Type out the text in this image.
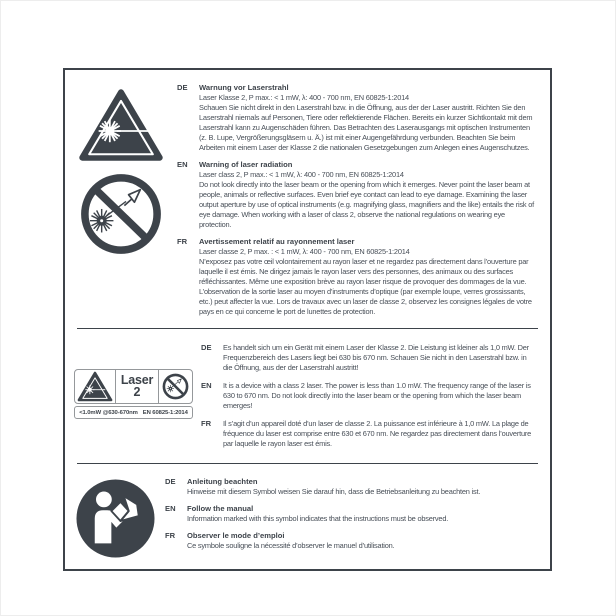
DE	Warnung vor Laserstrahl
Laser Klasse 2, P max.: < 1 mW, λ: 400 - 700 nm, EN 60825-1:2014
Schauen Sie nicht direkt in den Laserstrahl bzw. in die Öffnung, aus der der Laser austritt. Richten Sie den Laserstrahl niemals auf Personen, Tiere oder reflektierende Flächen. Bereits ein kurzer Sichtkontakt mit dem Laserstrahl kann zu Augenschäden führen. Das Betrachten des Laserausgangs mit optischen Instrumenten (z. B. Lupe, Vergrößerungsgläsern u. Ä.) ist mit einer Augengefährdung verbunden. Beachten Sie beim Arbeiten mit einem Laser der Klasse 2 die nationalen Gesetzgebungen zum Anlegen eines Augenschutzes.
EN	Warning of laser radiation
Laser class 2, P max.: < 1 mW, λ: 400 - 700 nm, EN 60825-1:2014
Do not look directly into the laser beam or the opening from which it emerges. Never point the laser beam at people, animals or reflective surfaces. Even brief eye contact can lead to eye damage. Examining the laser output aperture by use of optical instruments (e.g. magnifying glass, magnifiers and the like) entails the risk of eye damage. When working with a laser of class 2, observe the national regulations on wearing eye protection.
FR	Avertissement relatif au rayonnement laser
Laser classe 2, P max. : < 1 mW, λ: 400 - 700 nm, EN 60825-1:2014
N’exposez pas votre œil volontairement au rayon laser et ne regardez pas directement dans l’ouverture par laquelle il est émis. Ne dirigez jamais le rayon laser vers des personnes, des animaux ou des surfaces réfléchissantes. Même une exposition brève au rayon laser risque de provoquer des dommages de la vue. L’observation de la sortie laser au moyen d’instruments d’optique (par exemple loupe, verres grossissants, etc.) peut affecter la vue. Lors de travaux avec un laser de classe 2, observez les consignes légales de votre pays en ce qui concerne le port de lunettes de protection.
Laser
2
<1.0mW @630-670nm EN 60825-1:2014
DE	Es handelt sich um ein Gerät mit einem Laser der Klasse 2. Die Leistung ist kleiner als 1,0 mW. Der Frequenzbereich des Lasers liegt bei 630 bis 670 nm. Schauen Sie nicht in den Laserstrahl bzw. in die Öffnung, aus der der Laserstrahl austritt!
EN	It is a device with a class 2 laser. The power is less than 1.0 mW. The frequency range of the laser is 630 to 670 nm. Do not look directly into the laser beam or the opening from which the laser beam emerges!
FR	Il s’agit d’un appareil doté d’un laser de classe 2. La puissance est inférieure à 1,0 mW. La plage de fréquence du laser est comprise entre 630 et 670 nm. Ne regardez pas directement dans l’ouverture par laquelle le rayon laser est émis.
DE	Anleitung beachten
Hinweise mit diesem Symbol weisen Sie darauf hin, dass die Betriebsanleitung zu beachten ist.
EN	Follow the manual
Information marked with this symbol indicates that the instructions must be observed.
FR	Observer le mode d’emploi
Ce symbole souligne la nécessité d’observer le manuel d’utilisation.
